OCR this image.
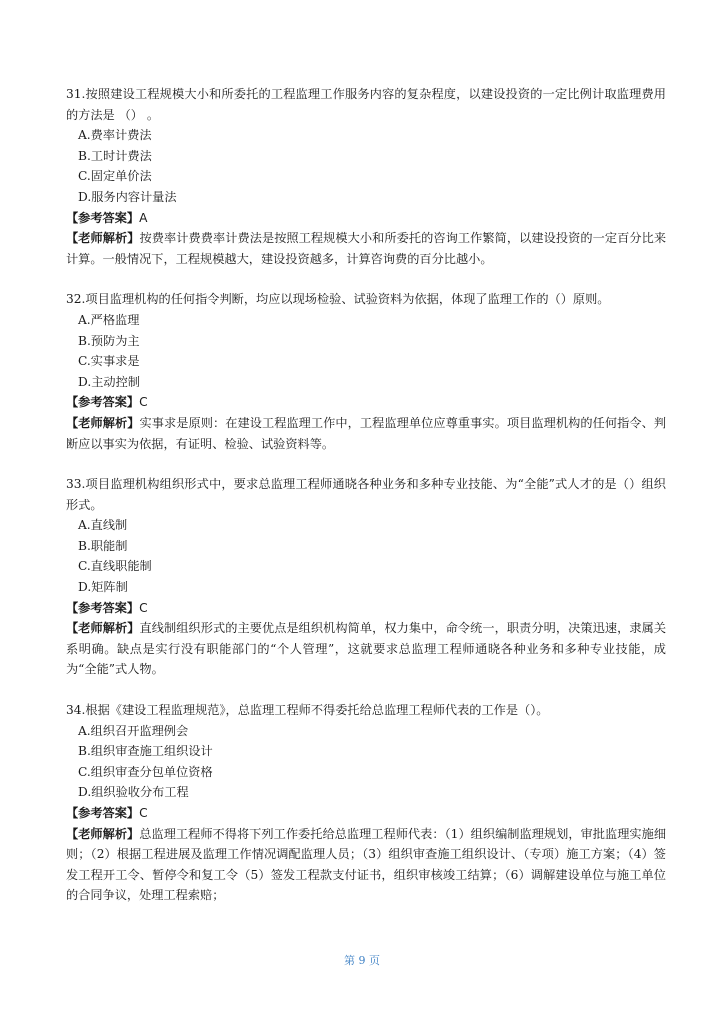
31.按照建设工程规模大小和所委托的工程监理工作服务内容的复杂程度，以建设投资的一定比例计取监理费用的方法是 （） 。
A.费率计费法
B.工时计费法
C.固定单价法
D.服务内容计量法
【参考答案】A
【老师解析】按费率计费费率计费法是按照工程规模大小和所委托的咨询工作繁简，以建设投资的一定百分比来计算。一般情况下，工程规模越大，建设投资越多，计算咨询费的百分比越小。
32.项目监理机构的任何指令判断，均应以现场检验、试验资料为依据，体现了监理工作的（）原则。
A.严格监理
B.预防为主
C.实事求是
D.主动控制
【参考答案】C
【老师解析】实事求是原则：在建设工程监理工作中，工程监理单位应尊重事实。项目监理机构的任何指令、判断应以事实为依据，有证明、检验、试验资料等。
33.项目监理机构组织形式中，要求总监理工程师通晓各种业务和多种专业技能、为“全能”式人才的是（）组织形式。
A.直线制
B.职能制
C.直线职能制
D.矩阵制
【参考答案】C
【老师解析】直线制组织形式的主要优点是组织机构简单，权力集中，命令统一，职责分明，决策迅速，隶属关系明确。缺点是实行没有职能部门的“个人管理”，这就要求总监理工程师通晓各种业务和多种专业技能，成为“全能”式人物。
34.根据《建设工程监理规范》，总监理工程师不得委托给总监理工程师代表的工作是（）。
A.组织召开监理例会
B.组织审查施工组织设计
C.组织审查分包单位资格
D.组织验收分布工程
【参考答案】C
【老师解析】总监理工程师不得将下列工作委托给总监理工程师代表：（1）组织编制监理规划，审批监理实施细则；（2）根据工程进展及监理工作情况调配监理人员；（3）组织审查施工组织设计、（专项）施工方案；（4）签发工程开工令、暂停令和复工令（5）签发工程款支付证书，组织审核竣工结算；（6）调解建设单位与施工单位的合同争议，处理工程索赔；
第 9 页
